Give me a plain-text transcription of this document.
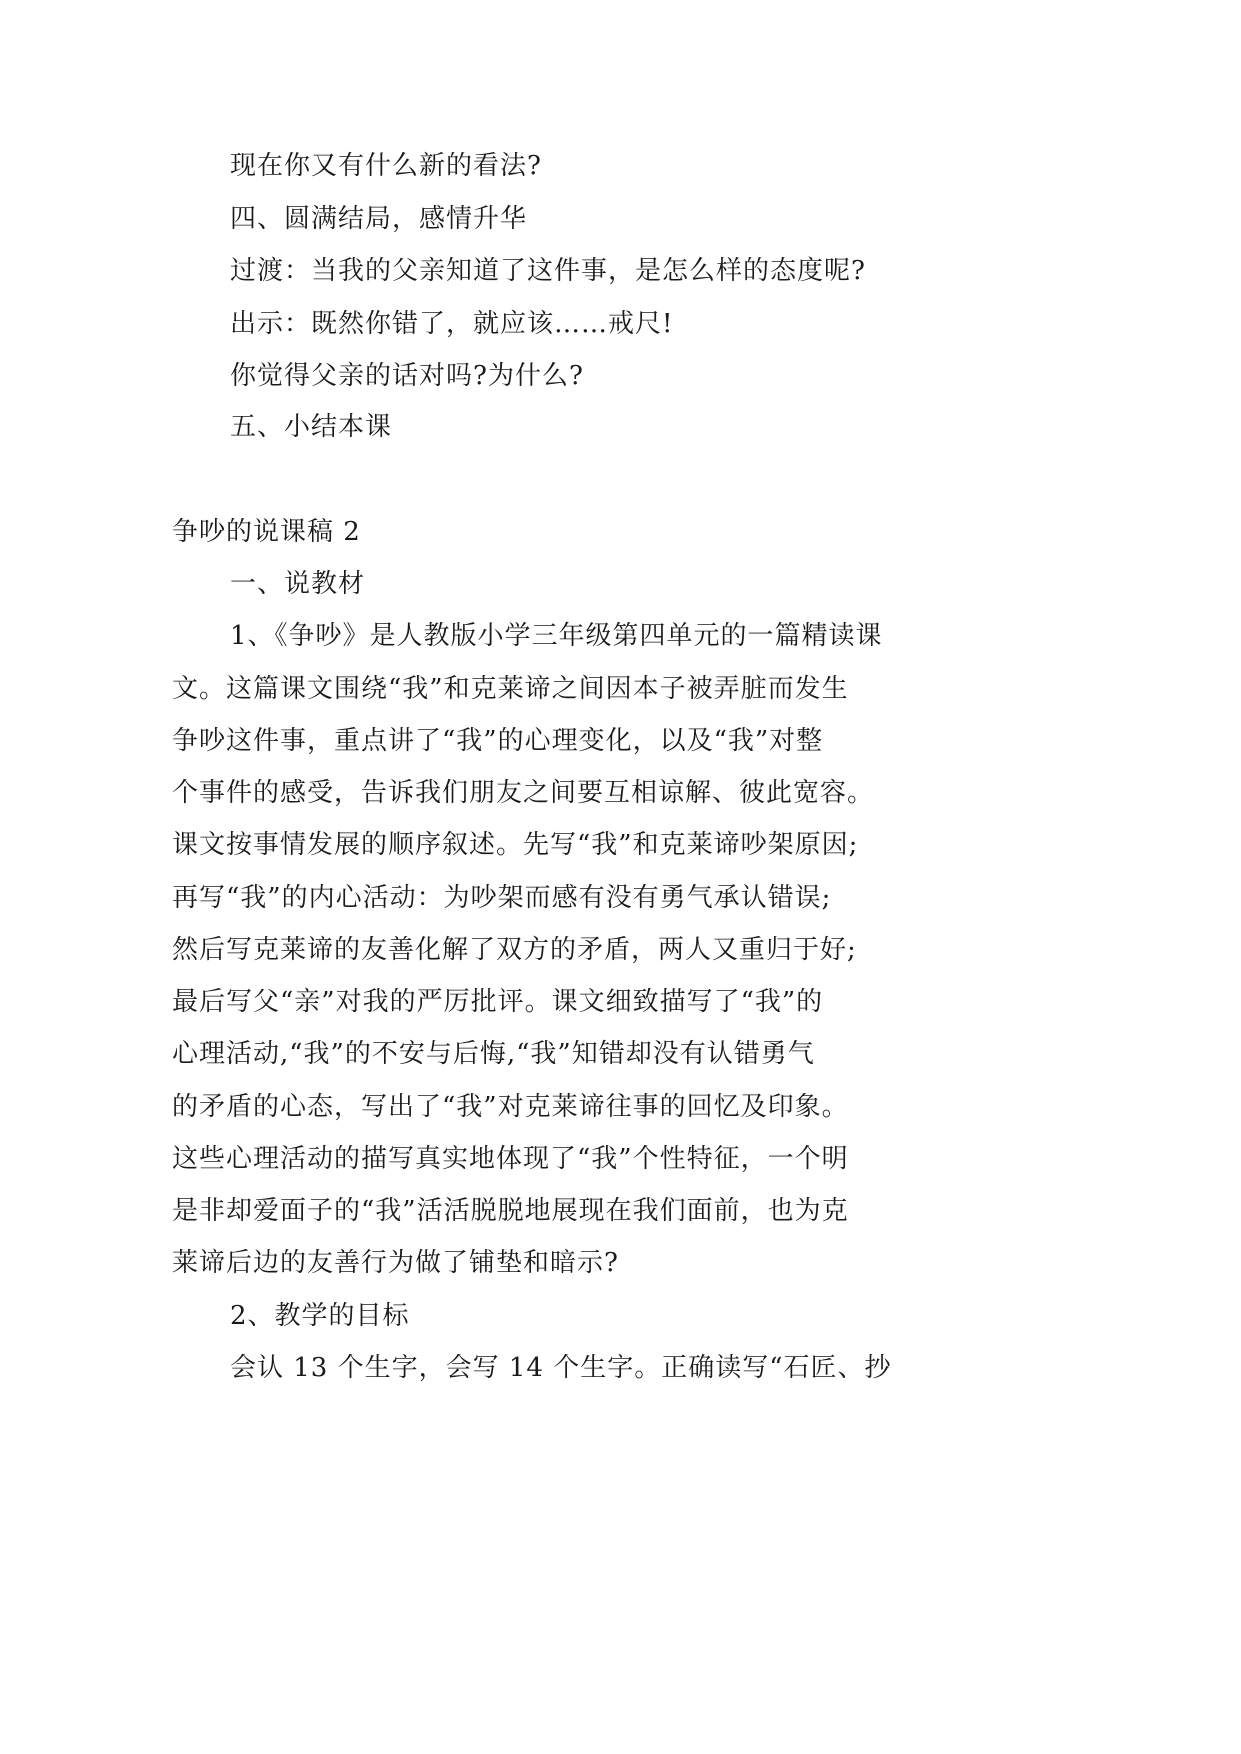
现在你又有什么新的看法?
四、圆满结局，感情升华
过渡：当我的父亲知道了这件事，是怎么样的态度呢?
出示：既然你错了，就应该……戒尺!
你觉得父亲的话对吗?为什么?
五、小结本课
争吵的说课稿 2
一、说教材
1、《争吵》是人教版小学三年级第四单元的一篇精读课
文。这篇课文围绕“我”和克莱谛之间因本子被弄脏而发生
争吵这件事，重点讲了“我”的心理变化，以及“我”对整
个事件的感受，告诉我们朋友之间要互相谅解、彼此宽容。
课文按事情发展的顺序叙述。先写“我”和克莱谛吵架原因;
再写“我”的内心活动：为吵架而感有没有勇气承认错误;
然后写克莱谛的友善化解了双方的矛盾，两人又重归于好;
最后写父“亲”对我的严厉批评。课文细致描写了“我”的
心理活动,“我”的不安与后悔,“我”知错却没有认错勇气
的矛盾的心态，写出了“我”对克莱谛往事的回忆及印象。
这些心理活动的描写真实地体现了“我”个性特征，一个明
是非却爱面子的“我”活活脱脱地展现在我们面前，也为克
莱谛后边的友善行为做了铺垫和暗示?
2、教学的目标
会认 13 个生字，会写 14 个生字。正确读写“石匠、抄
